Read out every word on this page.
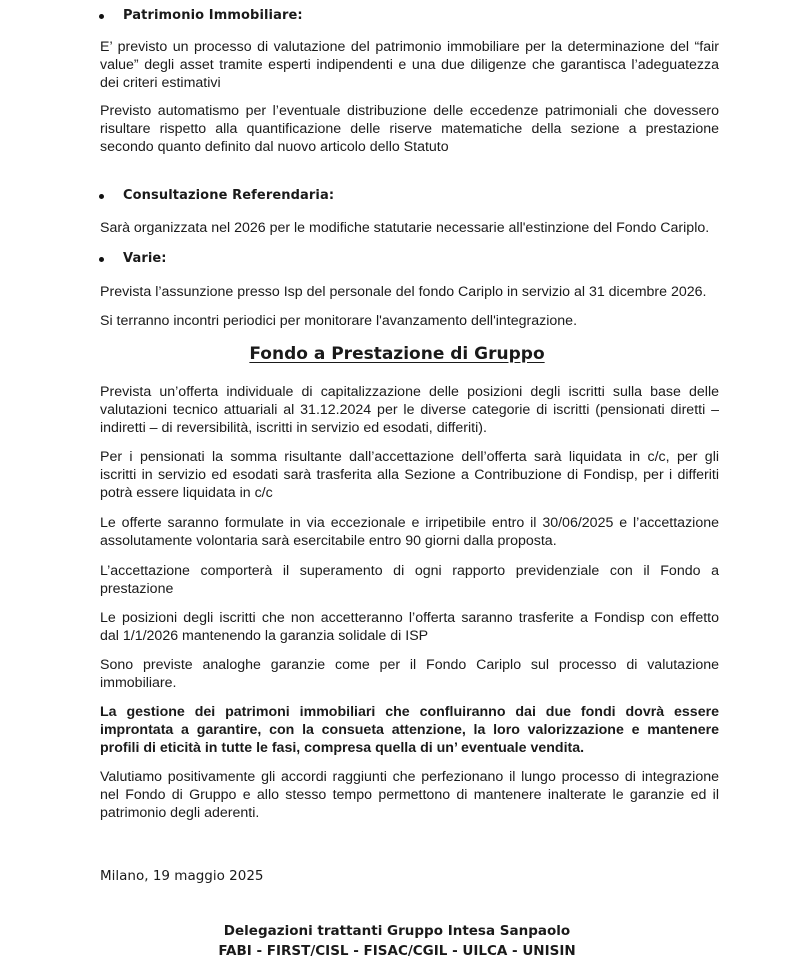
Patrimonio Immobiliare:

E’ previsto un processo di valutazione del patrimonio immobiliare per la determinazione del “fair
value” degli asset tramite esperti indipendenti e una due diligenze che garantisca l’adeguatezza
dei criteri estimativi

Previsto automatismo per l’eventuale distribuzione delle eccedenze patrimoniali che dovessero
risultare rispetto alla quantificazione delle riserve matematiche della sezione a prestazione
secondo quanto definito dal nuovo articolo dello Statuto

Consultazione Referendaria:

Sarà organizzata nel 2026 per le modifiche statutarie necessarie all'estinzione del Fondo Cariplo.

Varie:

Prevista l’assunzione presso Isp del personale del fondo Cariplo in servizio al 31 dicembre 2026.

Si terranno incontri periodici per monitorare l'avanzamento dell'integrazione.

Fondo a Prestazione di Gruppo

Prevista un’offerta individuale di capitalizzazione delle posizioni degli iscritti sulla base delle
valutazioni tecnico attuariali al 31.12.2024 per le diverse categorie di iscritti (pensionati diretti –
indiretti – di reversibilità, iscritti in servizio ed esodati, differiti).

Per i pensionati la somma risultante dall’accettazione dell’offerta sarà liquidata in c/c, per gli
iscritti in servizio ed esodati sarà trasferita alla Sezione a Contribuzione di Fondisp, per i differiti
potrà essere liquidata in c/c

Le offerte saranno formulate in via eccezionale e irripetibile entro il 30/06/2025 e l’accettazione
assolutamente volontaria sarà esercitabile entro 90 giorni dalla proposta.

L’accettazione comporterà il superamento di ogni rapporto previdenziale con il Fondo a
prestazione

Le posizioni degli iscritti che non accetteranno l’offerta saranno trasferite a Fondisp con effetto
dal 1/1/2026 mantenendo la garanzia solidale di ISP

Sono previste analoghe garanzie come per il Fondo Cariplo sul processo di valutazione
immobiliare.

La gestione dei patrimoni immobiliari che confluiranno dai due fondi dovrà essere
improntata a garantire, con la consueta attenzione, la loro valorizzazione e mantenere
profili di eticità in tutte le fasi, compresa quella di un’ eventuale vendita.

Valutiamo positivamente gli accordi raggiunti che perfezionano il lungo processo di integrazione
nel Fondo di Gruppo e allo stesso tempo permettono di mantenere inalterate le garanzie ed il
patrimonio degli aderenti.

Milano, 19 maggio 2025
Delegazioni trattanti Gruppo Intesa Sanpaolo
FABI - FIRST/CISL - FISAC/CGIL - UILCA - UNISIN
